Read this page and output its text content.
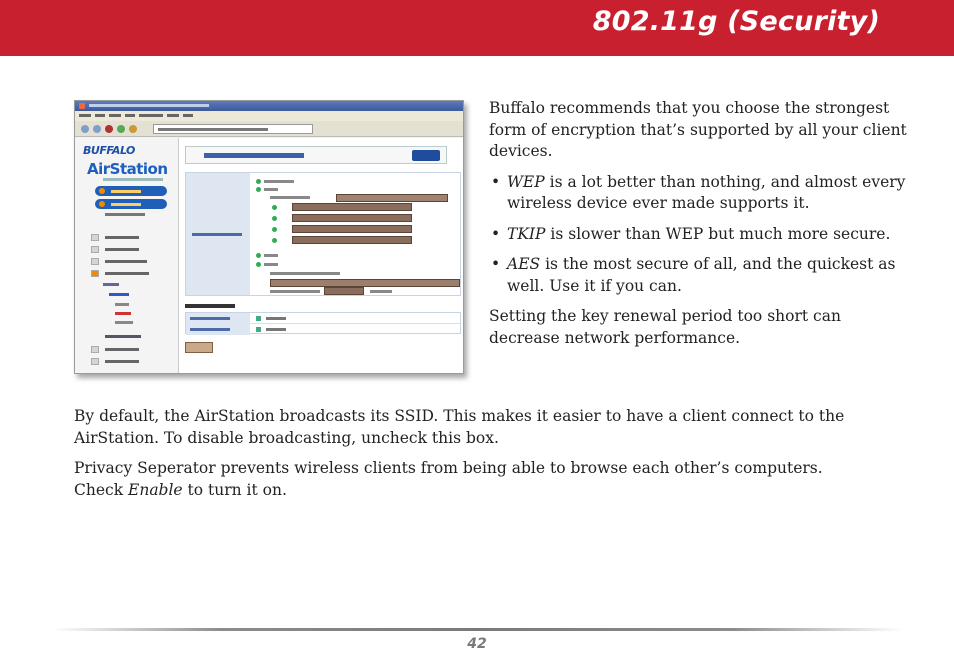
802.11g (Security)
BUFFALO
AirStation

Buffalo recommends that you choose the strongest form of encryption that’s supported by all your client devices.

• WEP is a lot better than nothing, and almost every wireless device ever made supports it.
• TKIP is slower than WEP but much more secure.
• AES is the most secure of all, and the quickest as well. Use it if you can.

Setting the key renewal period too short can decrease network performance.

By default, the AirStation broadcasts its SSID. This makes it easier to have a client connect to the AirStation. To disable broadcasting, uncheck this box.

Privacy Seperator prevents wireless clients from being able to browse each other’s computers. Check Enable to turn it on.

42
